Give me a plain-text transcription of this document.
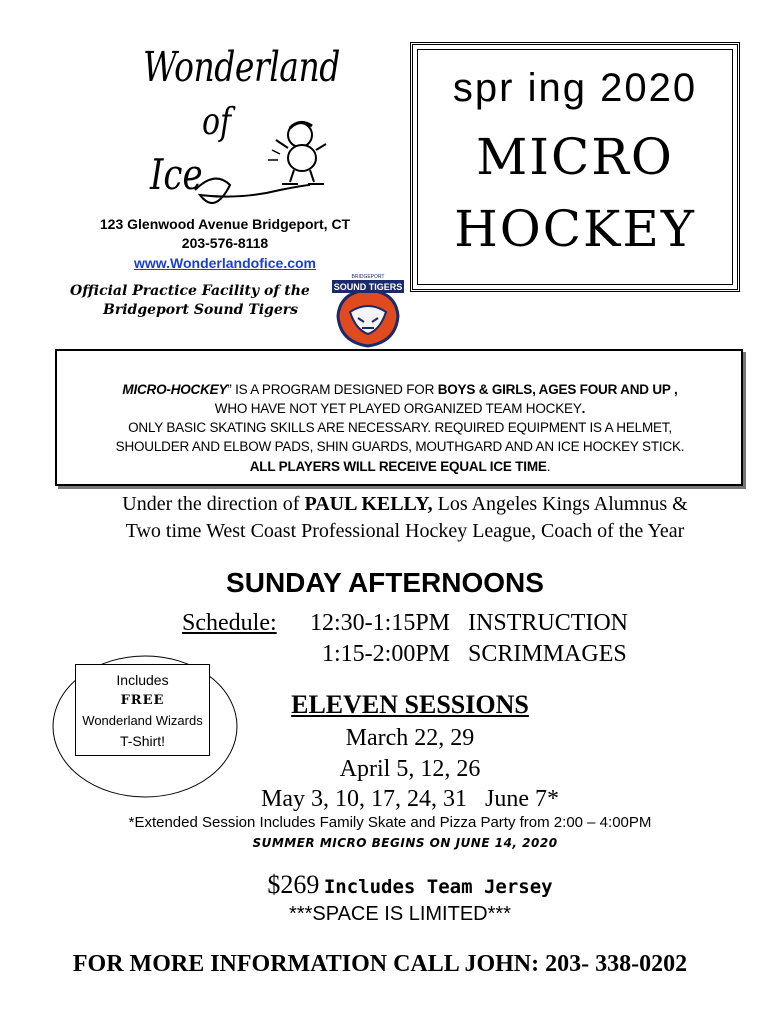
Wonderland
of
Ice
123 Glenwood Avenue Bridgeport, CT
203-576-8118
www.Wonderlandofice.com
Official Practice Facility of the
Bridgeport Sound Tigers
SOUND TIGERS
BRIDGEPORT
spr ing 2020
MICRO
HOCKEY
MICRO-HOCKEY” IS A PROGRAM DESIGNED FOR BOYS & GIRLS, AGES FOUR AND UP ,
WHO HAVE NOT YET PLAYED ORGANIZED TEAM HOCKEY.
ONLY BASIC SKATING SKILLS ARE NECESSARY. REQUIRED EQUIPMENT IS A HELMET,
SHOULDER AND ELBOW PADS, SHIN GUARDS, MOUTHGARD AND AN ICE HOCKEY STICK.
ALL PLAYERS WILL RECEIVE EQUAL ICE TIME.
Under the direction of PAUL KELLY, Los Angeles Kings Alumnus &
Two time West Coast Professional Hockey League, Coach of the Year
SUNDAY AFTERNOONS
Schedule: 12:30-1:15PM   INSTRUCTION
1:15-2:00PM   SCRIMMAGES
Includes
FREE
Wonderland Wizards
T-Shirt!
ELEVEN SESSIONS
March 22, 29
April 5, 12, 26
May 3, 10, 17, 24, 31   June 7*
*Extended Session Includes Family Skate and Pizza Party from 2:00 – 4:00PM
SUMMER MICRO BEGINS ON JUNE 14, 2020
$269 Includes Team Jersey
***SPACE IS LIMITED***
FOR MORE INFORMATION CALL JOHN: 203- 338-0202
